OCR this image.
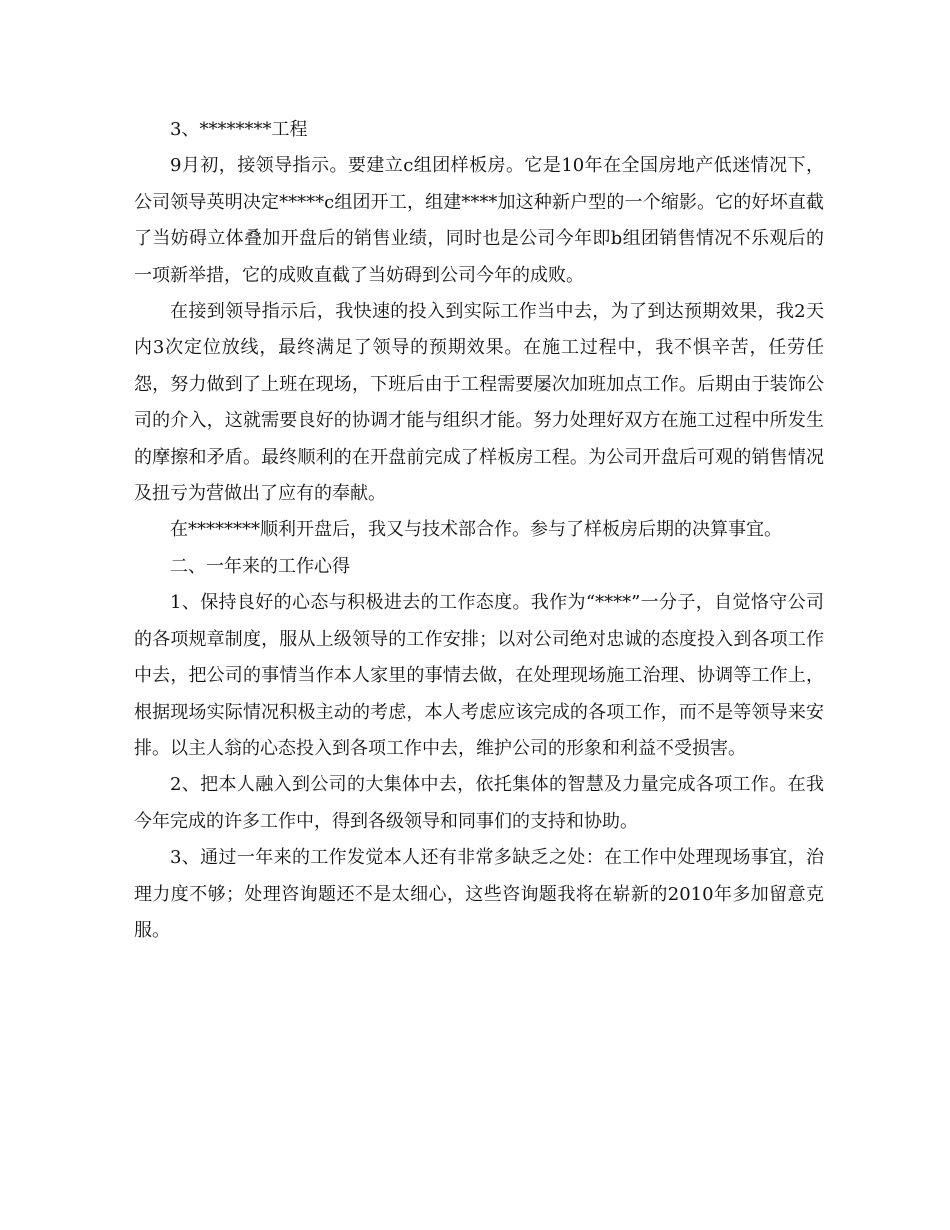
3、********工程

9月初，接领导指示。要建立c组团样板房。它是10年在全国房地产低迷情况下，公司领导英明决定*****c组团开工，组建****加这种新户型的一个缩影。它的好坏直截了当妨碍立体叠加开盘后的销售业绩，同时也是公司今年即b组团销售情况不乐观后的一项新举措，它的成败直截了当妨碍到公司今年的成败。

在接到领导指示后，我快速的投入到实际工作当中去，为了到达预期效果，我2天内3次定位放线，最终满足了领导的预期效果。在施工过程中，我不惧辛苦，任劳任怨，努力做到了上班在现场，下班后由于工程需要屡次加班加点工作。后期由于装饰公司的介入，这就需要良好的协调才能与组织才能。努力处理好双方在施工过程中所发生的摩擦和矛盾。最终顺利的在开盘前完成了样板房工程。为公司开盘后可观的销售情况及扭亏为营做出了应有的奉献。

在********顺利开盘后，我又与技术部合作。参与了样板房后期的决算事宜。

二、一年来的工作心得

1、保持良好的心态与积极进去的工作态度。我作为“****”一分子，自觉恪守公司的各项规章制度，服从上级领导的工作安排；以对公司绝对忠诚的态度投入到各项工作中去，把公司的事情当作本人家里的事情去做，在处理现场施工治理、协调等工作上，根据现场实际情况积极主动的考虑，本人考虑应该完成的各项工作，而不是等领导来安排。以主人翁的心态投入到各项工作中去，维护公司的形象和利益不受损害。

2、把本人融入到公司的大集体中去，依托集体的智慧及力量完成各项工作。在我今年完成的许多工作中，得到各级领导和同事们的支持和协助。

3、通过一年来的工作发觉本人还有非常多缺乏之处：在工作中处理现场事宜，治理力度不够；处理咨询题还不是太细心，这些咨询题我将在崭新的2010年多加留意克服。
